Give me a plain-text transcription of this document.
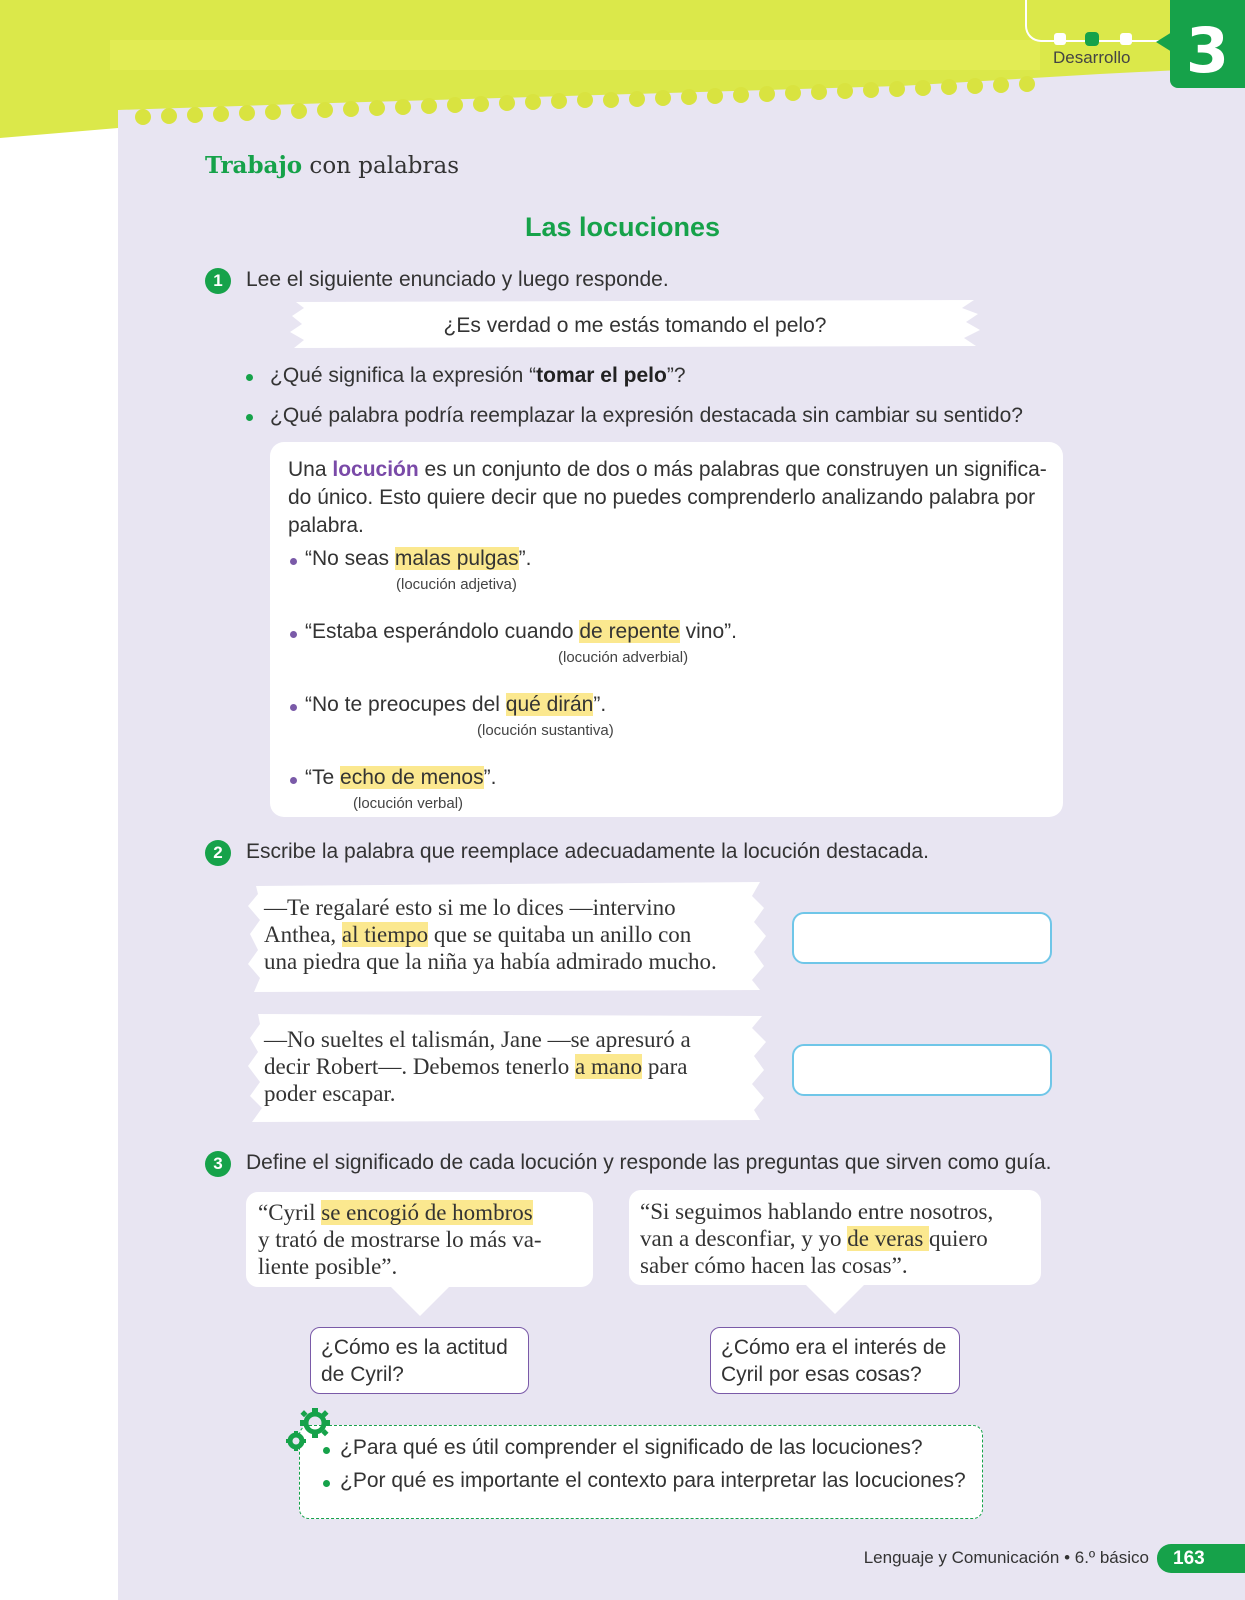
Desarrollo 3
Trabajo con palabras
Las locuciones
1	Lee el siguiente enunciado y luego responde.
¿Es verdad o me estás tomando el pelo?
¿Qué significa la expresión “tomar el pelo”?
¿Qué palabra podría reemplazar la expresión destacada sin cambiar su sentido?
Una locución es un conjunto de dos o más palabras que construyen un significa-do único. Esto quiere decir que no puedes comprenderlo analizando palabra por palabra.
“No seas malas pulgas”.
(locución adjetiva)
“Estaba esperándolo cuando de repente vino”.
(locución adverbial)
“No te preocupes del qué dirán”.
(locución sustantiva)
“Te echo de menos”.
(locución verbal)
2	Escribe la palabra que reemplace adecuadamente la locución destacada.
—Te regalaré esto si me lo dices —intervino
Anthea, al tiempo que se quitaba un anillo con
una piedra que la niña ya había admirado mucho.
—No sueltes el talismán, Jane —se apresuró a
decir Robert—. Debemos tenerlo a mano para
poder escapar.
3	Define el significado de cada locución y responde las preguntas que sirven como guía.
“Cyril se encogió de hombros
y trató de mostrarse lo más va-
liente posible”.
“Si seguimos hablando entre nosotros,
van a desconfiar, y yo de veras quiero
saber cómo hacen las cosas”.
¿Cómo es la actitud
de Cyril?
¿Cómo era el interés de
Cyril por esas cosas?
¿Para qué es útil comprender el significado de las locuciones?
¿Por qué es importante el contexto para interpretar las locuciones?
Lenguaje y Comunicación • 6.º básico	163
